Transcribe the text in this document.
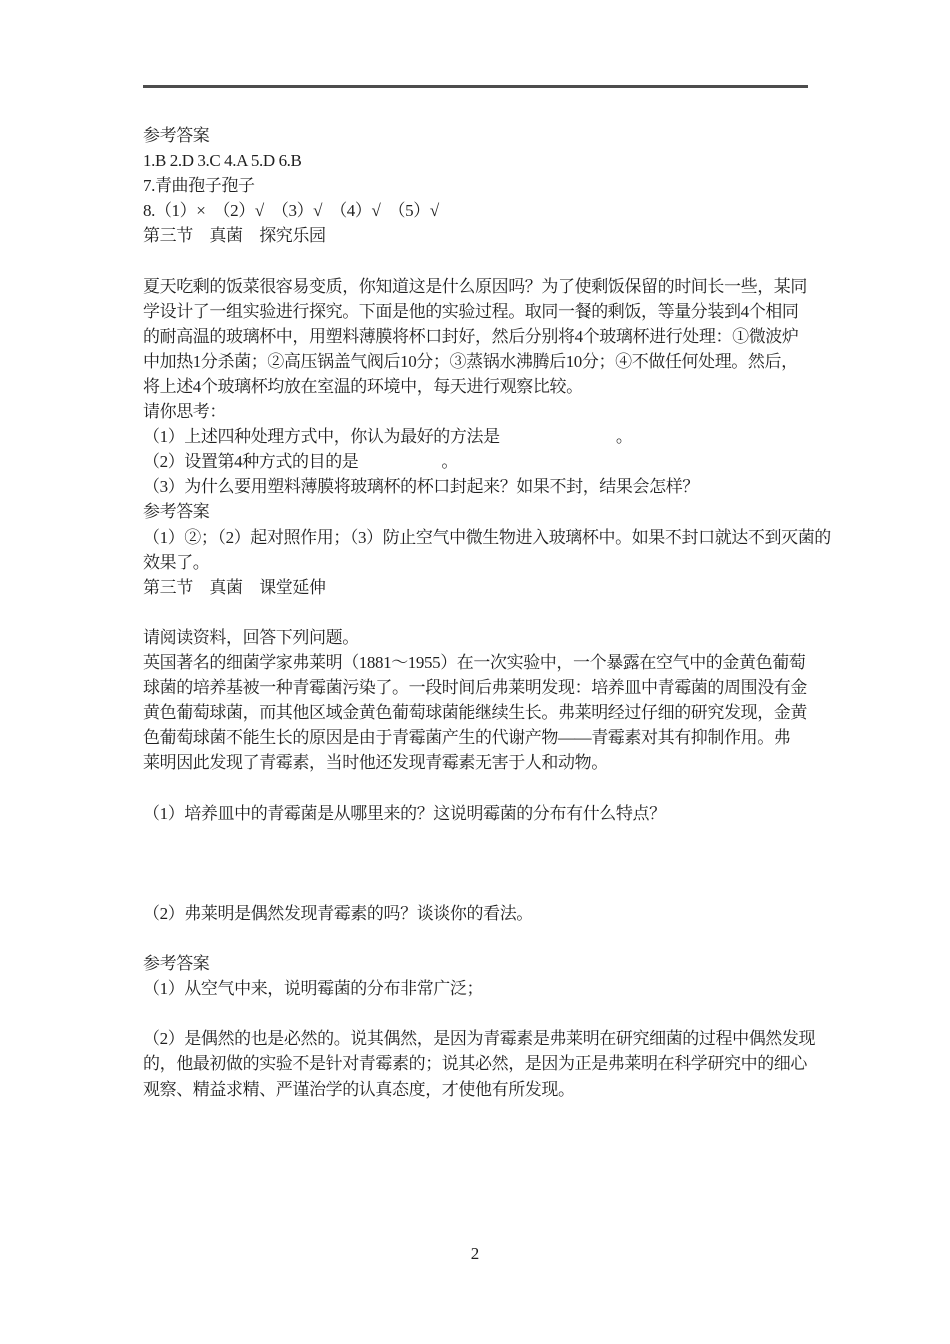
参考答案
1.B 2.D 3.C 4.A 5.D 6.B
7.青曲孢子孢子
8.（1）×　（2）√　（3）√　（4）√　（5）√
第三节　真菌　探究乐园

夏天吃剩的饭菜很容易变质，你知道这是什么原因吗？为了使剩饭保留的时间长一些，某同
学设计了一组实验进行探究。下面是他的实验过程。取同一餐的剩饭，等量分装到4个相同
的耐高温的玻璃杯中，用塑料薄膜将杯口封好，然后分别将4个玻璃杯进行处理：①微波炉
中加热1分杀菌；②高压锅盖气阀后10分；③蒸锅水沸腾后10分；④不做任何处理。然后，
将上述4个玻璃杯均放在室温的环境中，每天进行观察比较。
请你思考：
（1）上述四种处理方式中，你认为最好的方法是　　　　　　　。
（2）设置第4种方式的目的是　　　　　。
（3）为什么要用塑料薄膜将玻璃杯的杯口封起来？如果不封，结果会怎样？
参考答案
（1）②；（2）起对照作用；（3）防止空气中微生物进入玻璃杯中。如果不封口就达不到灭菌的
效果了。
第三节　真菌　课堂延伸

请阅读资料，回答下列问题。
英国著名的细菌学家弗莱明（1881～1955）在一次实验中，一个暴露在空气中的金黄色葡萄
球菌的培养基被一种青霉菌污染了。一段时间后弗莱明发现：培养皿中青霉菌的周围没有金
黄色葡萄球菌，而其他区域金黄色葡萄球菌能继续生长。弗莱明经过仔细的研究发现，金黄
色葡萄球菌不能生长的原因是由于青霉菌产生的代谢产物——青霉素对其有抑制作用。弗
莱明因此发现了青霉素，当时他还发现青霉素无害于人和动物。

（1）培养皿中的青霉菌是从哪里来的？这说明霉菌的分布有什么特点？

（2）弗莱明是偶然发现青霉素的吗？谈谈你的看法。

参考答案
（1）从空气中来，说明霉菌的分布非常广泛；

（2）是偶然的也是必然的。说其偶然，是因为青霉素是弗莱明在研究细菌的过程中偶然发现
的，他最初做的实验不是针对青霉素的；说其必然，是因为正是弗莱明在科学研究中的细心
观察、精益求精、严谨治学的认真态度，才使他有所发现。
2
